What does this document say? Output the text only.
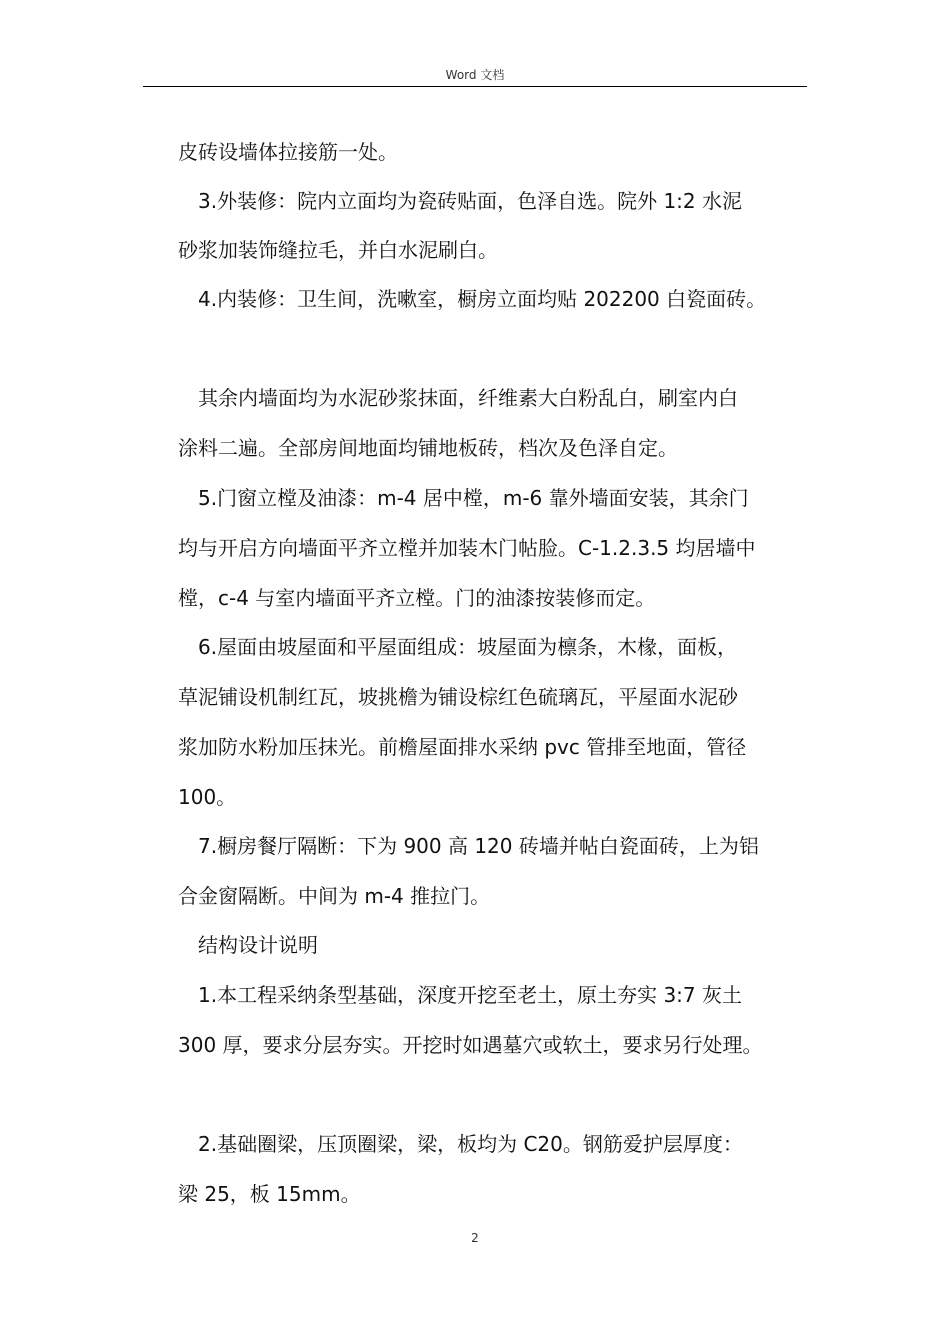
Word 文档
皮砖设墙体拉接筋一处。
3.外装修：院内立面均为瓷砖贴面，色泽自选。院外 1:2 水泥
砂浆加装饰缝拉毛，并白水泥刷白。
4.内装修：卫生间，洗嗽室，橱房立面均贴 202200 白瓷面砖。
其余内墙面均为水泥砂浆抹面，纤维素大白粉乱白，刷室内白
涂料二遍。全部房间地面均铺地板砖，档次及色泽自定。
5.门窗立樘及油漆：m-4 居中樘，m-6 靠外墙面安装，其余门
均与开启方向墙面平齐立樘并加装木门帖脸。C-1.2.3.5 均居墙中
樘，c-4 与室内墙面平齐立樘。门的油漆按装修而定。
6.屋面由坡屋面和平屋面组成：坡屋面为檩条，木椽，面板，
草泥铺设机制红瓦，坡挑檐为铺设棕红色硫璃瓦，平屋面水泥砂
浆加防水粉加压抹光。前檐屋面排水采纳 pvc 管排至地面，管径
100。
7.橱房餐厅隔断：下为 900 高 120 砖墙并帖白瓷面砖，上为铝
合金窗隔断。中间为 m-4 推拉门。
结构设计说明
1.本工程采纳条型基础，深度开挖至老土，原土夯实 3:7 灰土
300 厚，要求分层夯实。开挖时如遇墓穴或软土，要求另行处理。
2.基础圈梁，压顶圈梁，梁，板均为 C20。钢筋爱护层厚度：
梁 25，板 15mm。
2
